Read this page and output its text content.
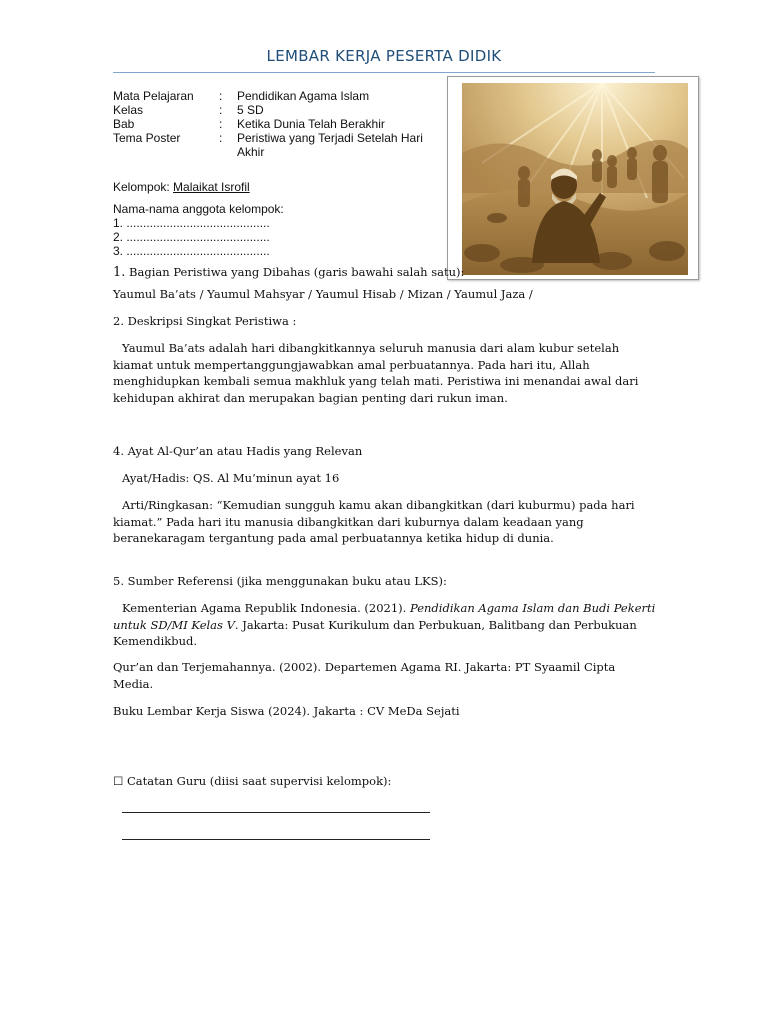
LEMBAR KERJA PESERTA DIDIK
Mata Pelajaran	:	Pendidikan Agama Islam
Kelas	:	5 SD
Bab	:	Ketika Dunia Telah Berakhir
Tema Poster	:	Peristiwa yang Terjadi Setelah Hari Akhir
Kelompok: Malaikat Isrofil
Nama-nama anggota kelompok:
1. ...........................................
2. ...........................................
3. ...........................................
1. Bagian Peristiwa yang Dibahas (garis bawahi salah satu):
Yaumul Ba’ats / Yaumul Mahsyar / Yaumul Hisab / Mizan / Yaumul Jaza /
2. Deskripsi Singkat Peristiwa :
Yaumul Ba’ats adalah hari dibangkitkannya seluruh manusia dari alam kubur setelah kiamat untuk mempertanggungjawabkan amal perbuatannya. Pada hari itu, Allah menghidupkan kembali semua makhluk yang telah mati. Peristiwa ini menandai awal dari kehidupan akhirat dan merupakan bagian penting dari rukun iman.
4. Ayat Al-Qur’an atau Hadis yang Relevan
Ayat/Hadis: QS. Al Mu’minun ayat 16
Arti/Ringkasan: “Kemudian sungguh kamu akan dibangkitkan (dari kuburmu) pada hari kiamat.” Pada hari itu manusia dibangkitkan dari kuburnya dalam keadaan yang beranekaragam tergantung pada amal perbuatannya ketika hidup di dunia.
5. Sumber Referensi (jika menggunakan buku atau LKS):
Kementerian Agama Republik Indonesia. (2021). Pendidikan Agama Islam dan Budi Pekerti untuk SD/MI Kelas V. Jakarta: Pusat Kurikulum dan Perbukuan, Balitbang dan Perbukuan Kemendikbud.
Qur’an dan Terjemahannya. (2002). Departemen Agama RI. Jakarta: PT Syaamil Cipta Media.
Buku Lembar Kerja Siswa (2024). Jakarta : CV MeDa Sejati
☐ Catatan Guru (diisi saat supervisi kelompok):
